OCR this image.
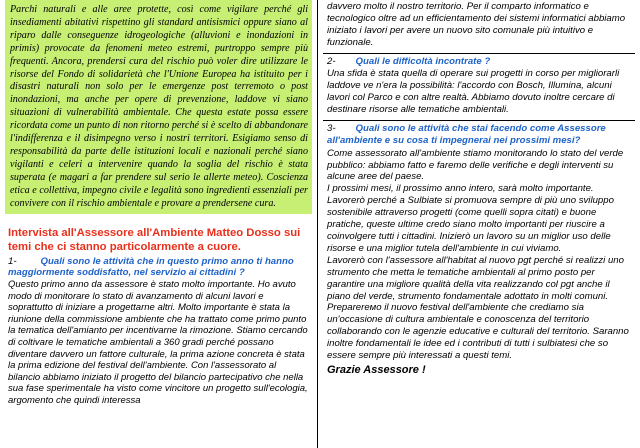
Parchi naturali e alle aree protette, così come vigilare perché gli insediamenti abitativi rispettino gli standard antisismici oppure siano al riparo dalle conseguenze idrogeologiche (alluvioni e inondazioni in primis) provocate da fenomeni meteo estremi, purtroppo sempre più frequenti. Ancora, prendersi cura del rischio può voler dire utilizzare le risorse del Fondo di solidarietà che l'Unione Europea ha istituito per i disastri naturali non solo per le emergenze post terremoto o post inondazioni, ma anche per opere di prevenzione, laddove vi siano situazioni di vulnerabilità ambientale. Che questa estate possa essere ricordata come un punto di non ritorno perché si è scelto di abbandonare l'indifferenza e il disimpegno verso i nostri territori. Esigiamo senso di responsabilità da parte delle istituzioni locali e nazionali perché siano vigilanti e celeri a intervenire quando la soglia del rischio è stata superata (e magari a far prendere sul serio le allerte meteo). Coscienza etica e collettiva, impegno civile e legalità sono ingredienti essenziali per convivere con il rischio ambientale e provare a prendersene cura.
Intervista all'Assessore all'Ambiente Matteo Dosso sui temi che ci stanno particolarmente a cuore.
1-	Quali sono le attività che in questo primo anno ti hanno maggiormente soddisfatto, nel servizio ai cittadini ?
Questo primo anno da assessore è stato molto importante. Ho avuto modo di monitorare lo stato di avanzamento di alcuni lavori e soprattutto di iniziare a progettarne altri. Molto importante è stata la riunione della commissione ambiente che ha trattato come primo punto la tematica dell'amianto per incentivarne la rimozione. Stiamo cercando di coltivare le tematiche ambientali a 360 gradi perché possano diventare davvero un fattore culturale, la prima azione concreta è stata la prima edizione del festival dell'ambiente. Con l'assessorato al bilancio abbiamo iniziato il progetto del bilancio partecipativo che nella sua fase sperimentale ha visto come vincitore un progetto sull'ecologia, argomento che quindi interessa
davvero molto il nostro territorio. Per il comparto informatico e tecnologico oltre ad un efficientamento dei sistemi informatici abbiamo iniziato i lavori per avere un nuovo sito comunale più intuitivo e funzionale.
2- Quali le difficoltà incontrate ?
Una sfida è stata quella di operare sui progetti in corso per migliorarli laddove ve n'era la possibilità: l'accordo con Bosch, Illumina, alcuni lavori col Parco e con altre realtà. Abbiamo dovuto inoltre cercare di destinare risorse alle tematiche ambientali.
3- Quali sono le attività che stai facendo come Assessore all'ambiente e su cosa ti impegnerai nei prossimi mesi?

Come assessorato all'ambiente stiamo monitorando lo stato del verde pubblico: abbiamo fatto e faremo delle verifiche e degli interventi su alcune aree del paese.

I prossimi mesi, il prossimo anno intero, sarà molto importante.

Lavorerò perché a Sulbiate si promuova sempre di più uno sviluppo sostenibile attraverso progetti (come quelli sopra citati) e buone pratiche, queste ultime credo siano molto importanti per riuscire a coinvolgere tutti i cittadini. Inizierò un lavoro su un miglior uso delle risorse e una miglior tutela dell'ambiente in cui viviamo.

Lavorerò con l'assessore all'habitat al nuovo pgt perché si realizzi uno strumento che metta le tematiche ambientali al primo posto per garantire una migliore qualità della vita realizzando col pgt anche il piano del verde, strumento fondamentale adottato in molti comuni.

Preparereмо il nuovo festival dell'ambiente che crediamo sia un'occasione di cultura ambientale e conoscenza del territorio collaborando con le agenzie educative e culturali del territorio. Saranno inoltre fondamentali le idee ed i contributi di tutti i sulbiatesi che so essere sempre più interessati a questi temi.

Grazie Assessore !
